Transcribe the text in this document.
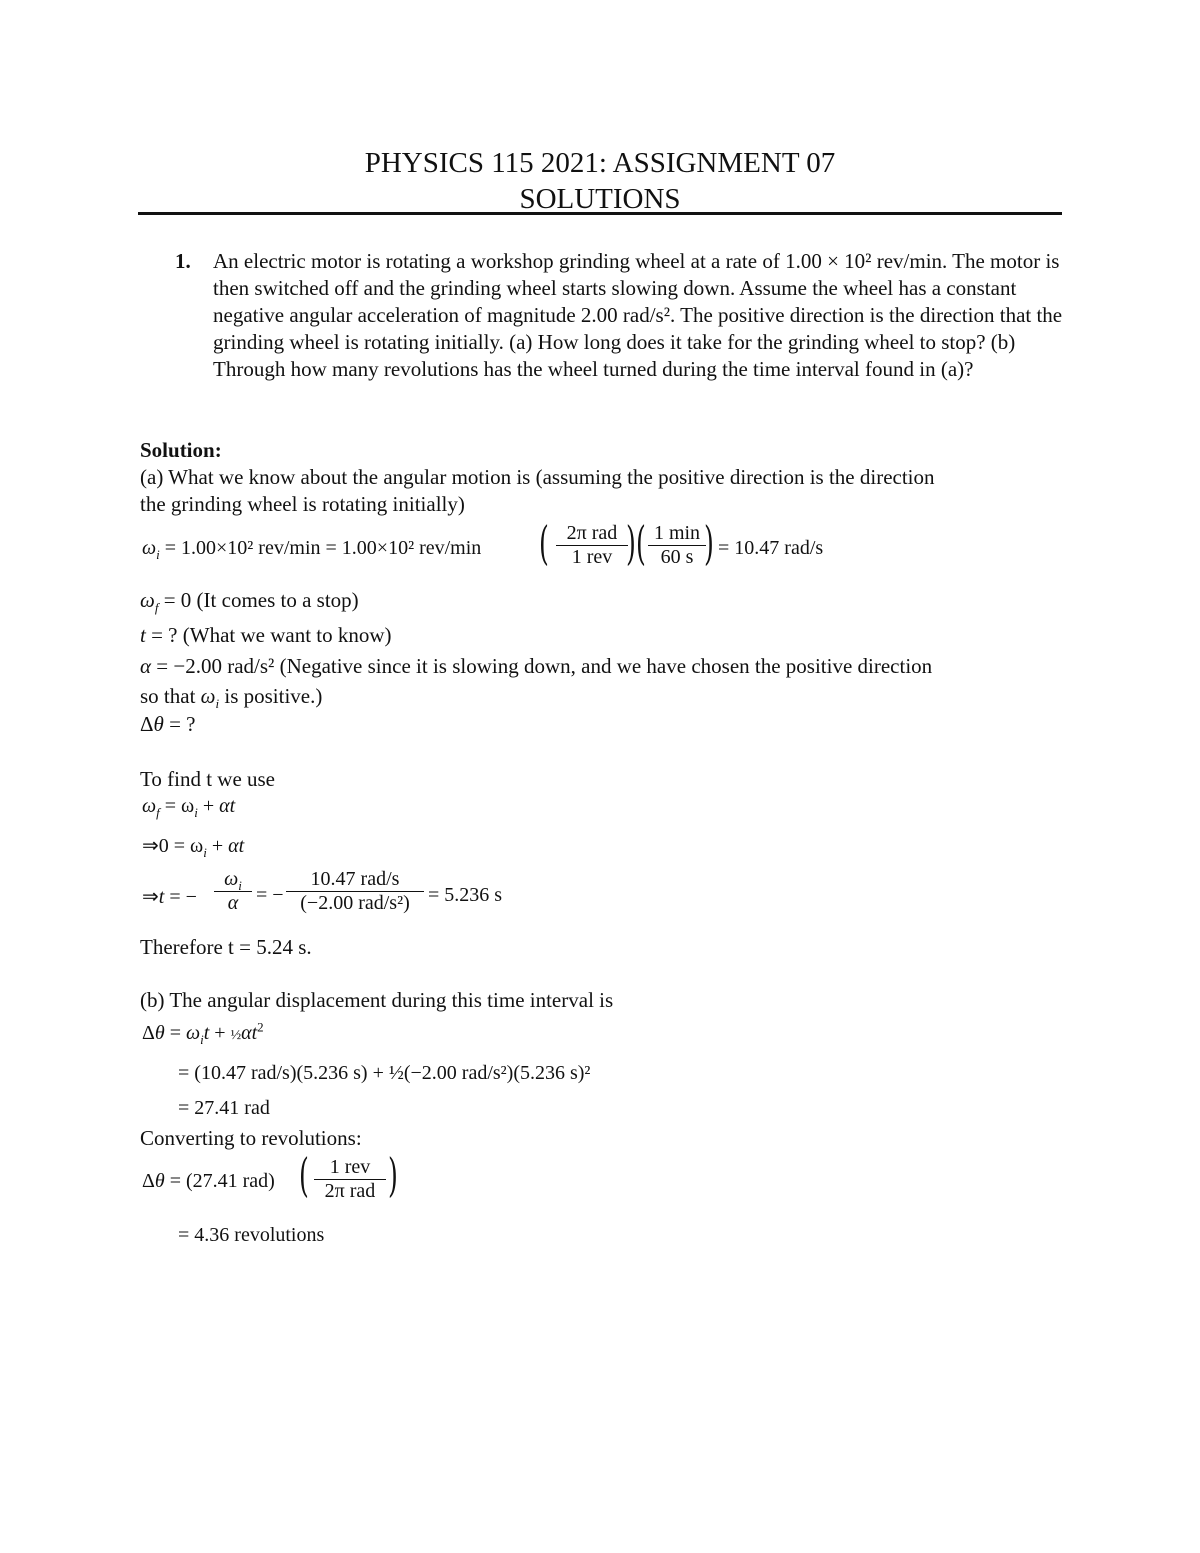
PHYSICS 115 2021: ASSIGNMENT 07
SOLUTIONS
1. An electric motor is rotating a workshop grinding wheel at a rate of 1.00 × 10² rev/min. The motor is then switched off and the grinding wheel starts slowing down. Assume the wheel has a constant negative angular acceleration of magnitude 2.00 rad/s². The positive direction is the direction that the grinding wheel is rotating initially. (a) How long does it take for the grinding wheel to stop? (b) Through how many revolutions has the wheel turned during the time interval found in (a)?
Solution:
(a) What we know about the angular motion is (assuming the positive direction is the direction
the grinding wheel is rotating initially)
$\omega_i = 1.00\times 10^2$ rev/min = 1.00×10² rev/min ( 2π rad
1 rev ) ( 1 min
60 s ) = 10.47 rad/s
$\omega_f = 0$ (It comes to a stop)
t = ? (What we want to know)
α = −2.00 rad/s² (Negative since it is slowing down, and we have chosen the positive direction
so that $\omega_i$ is positive.)
Δθ = ?
To find t we use
$\omega_f = \omega_i + \alpha t$
⇒0 = $\omega_i + \alpha t$
⇒t = −
$\omega_i$
α = −
10.47 rad/s
(−2.00 rad/s²) = 5.236 s
Therefore t = 5.24 s.
(b) The angular displacement during this time interval is
$\Delta\theta = \omega_it$ + $\frac{1}{2}\alpha t^2$
= (10.47 rad/s)(5.236 s) + ½(−2.00 rad/s²)(5.236 s)²
= 27.41 rad
Converting to revolutions:
Δθ = (27.41 rad) (	1 rev
2π rad )
= 4.36 revolutions
